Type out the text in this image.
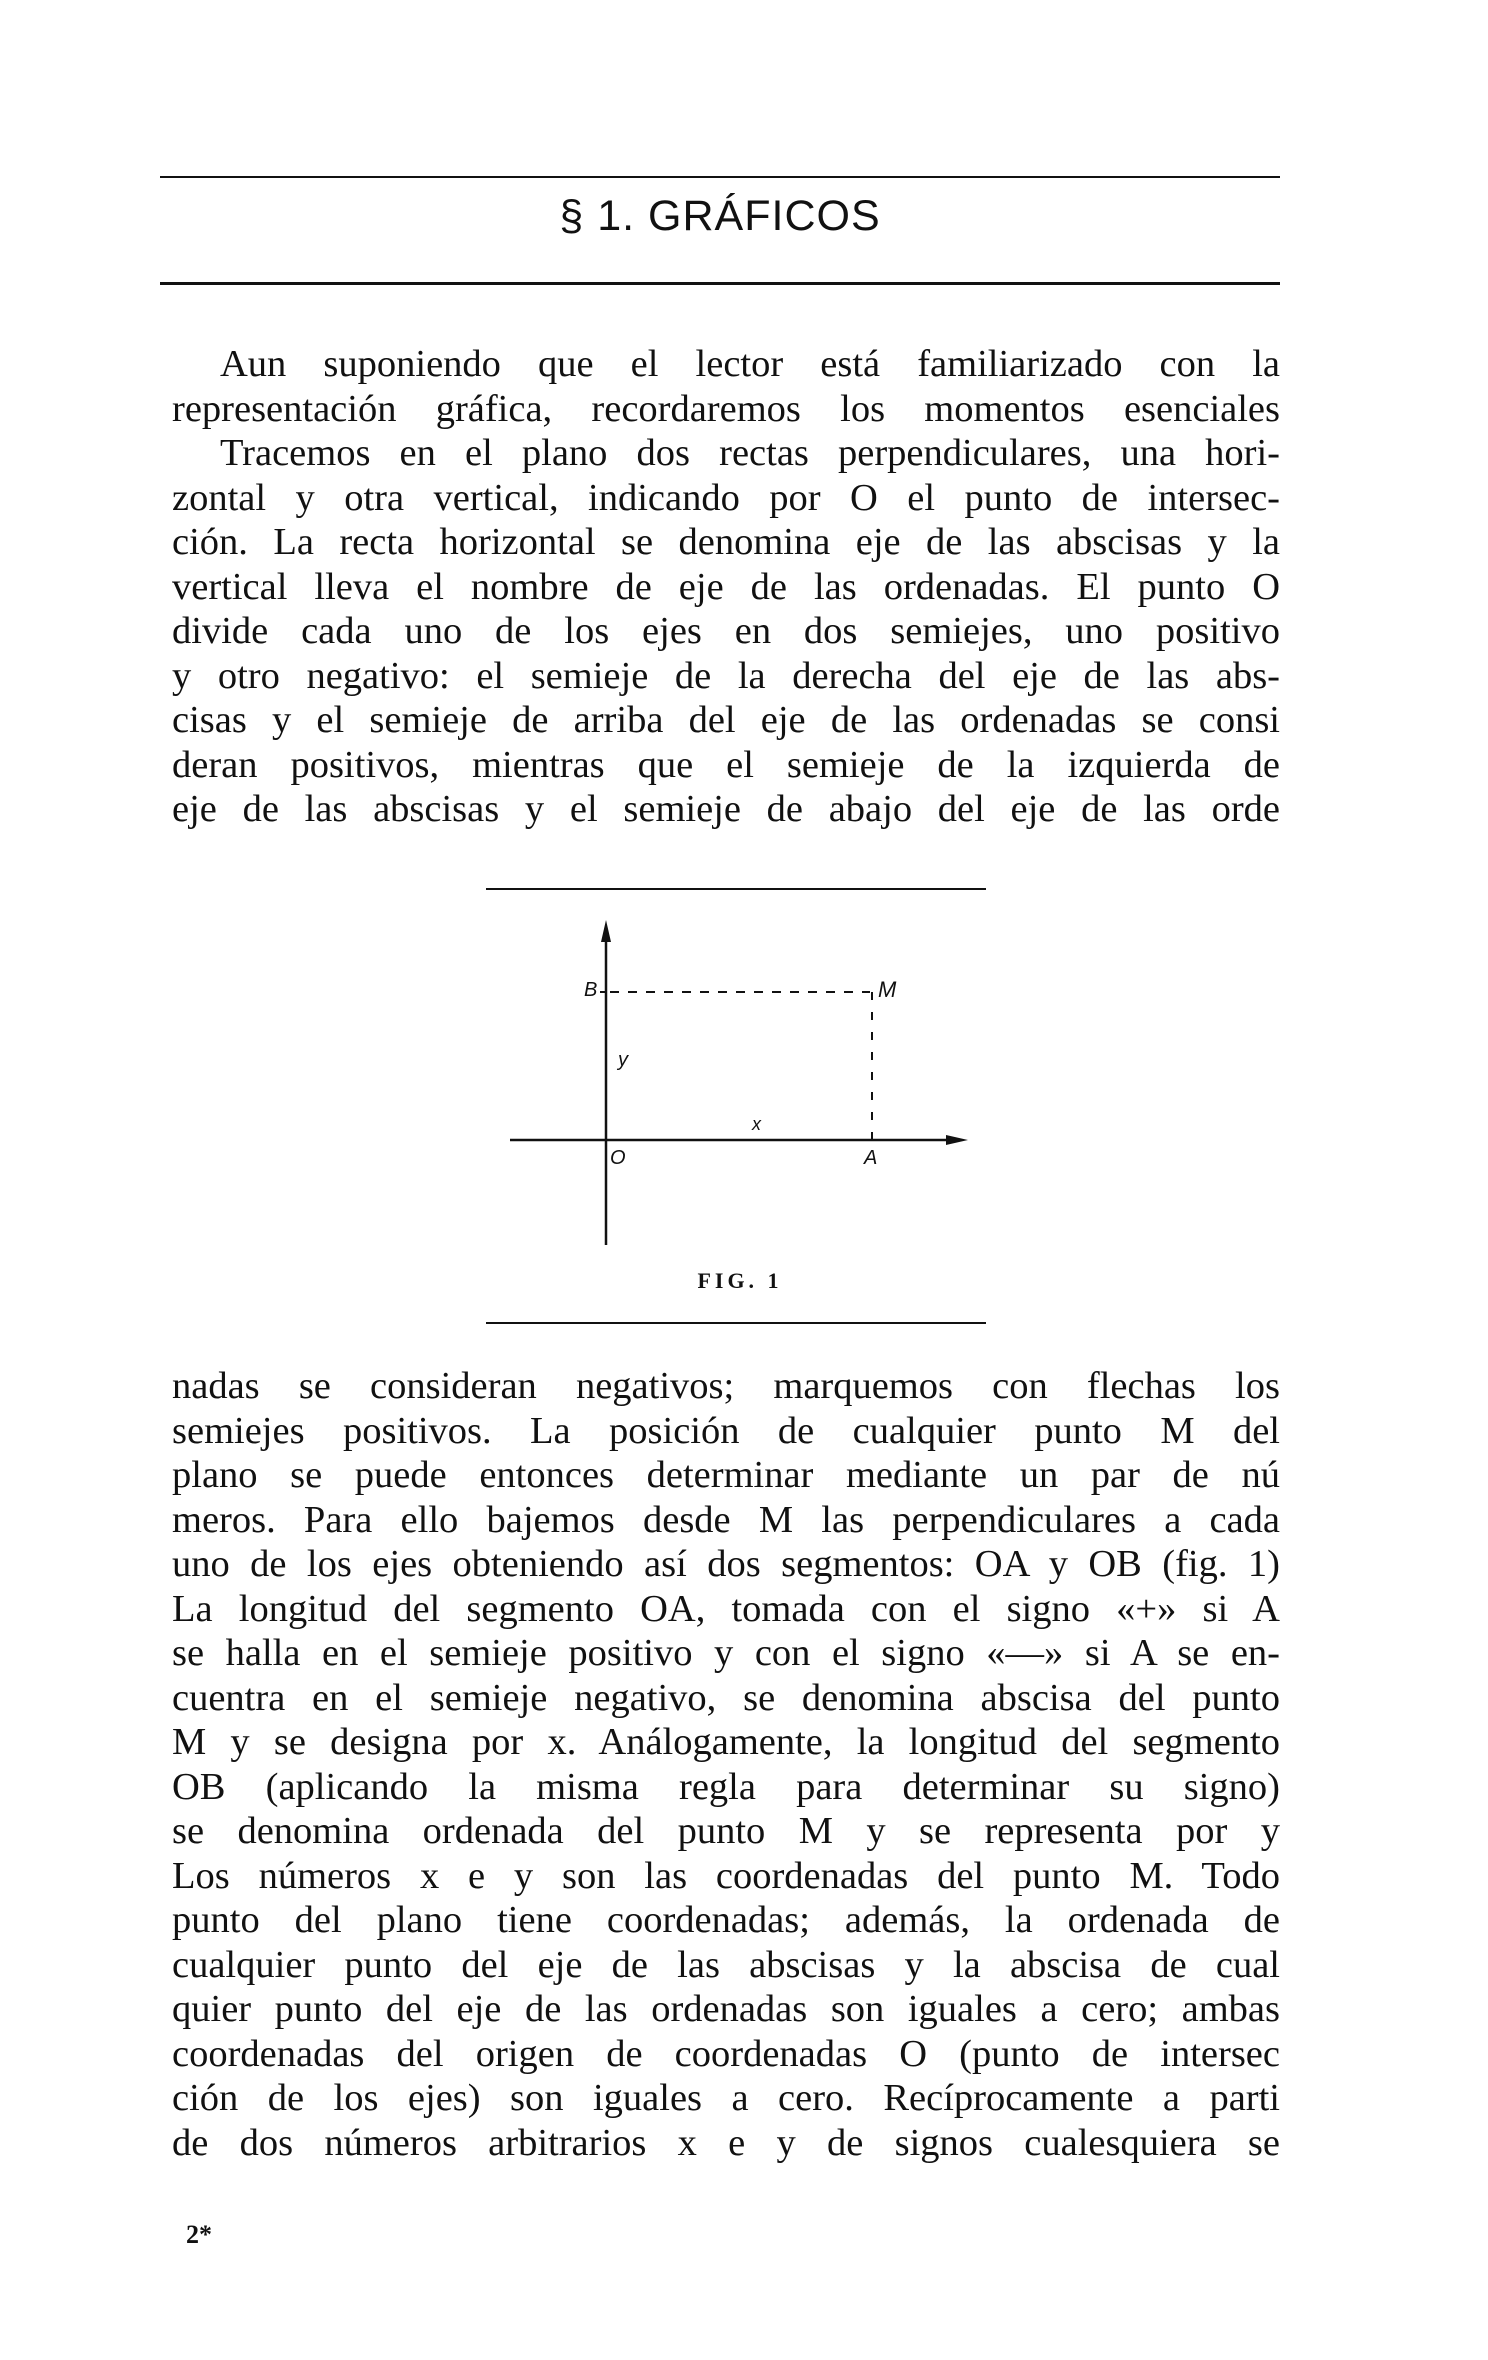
§ 1. GRÁFICOS
Aun suponiendo que el lector está familiarizado con la
representación gráfica, recordaremos los momentos esenciales
Tracemos en el plano dos rectas perpendiculares, una hori-
zontal y otra vertical, indicando por O el punto de intersec-
ción. La recta horizontal se denomina eje de las abscisas y la
vertical lleva el nombre de eje de las ordenadas. El punto O
divide cada uno de los ejes en dos semiejes, uno positivo
y otro negativo: el semieje de la derecha del eje de las abs-
cisas y el semieje de arriba del eje de las ordenadas se consi
deran positivos, mientras que el semieje de la izquierda de
eje de las abscisas y el semieje de abajo del eje de las orde
B	M
y
x
O	A
FIG. 1
nadas se consideran negativos; marquemos con flechas los
semiejes positivos. La posición de cualquier punto M del
plano se puede entonces determinar mediante un par de nú
meros. Para ello bajemos desde M las perpendiculares a cada
uno de los ejes obteniendo así dos segmentos: OA y OB (fig. 1)
La longitud del segmento OA, tomada con el signo «+» si A
se halla en el semieje positivo y con el signo «—» si A se en-
cuentra en el semieje negativo, se denomina abscisa del punto
M y se designa por x. Análogamente, la longitud del segmento
OB (aplicando la misma regla para determinar su signo)
se denomina ordenada del punto M y se representa por y
Los números x e y son las coordenadas del punto M. Todo
punto del plano tiene coordenadas; además, la ordenada de
cualquier punto del eje de las abscisas y la abscisa de cual
quier punto del eje de las ordenadas son iguales a cero; ambas
coordenadas del origen de coordenadas O (punto de intersec
ción de los ejes) son iguales a cero. Recíprocamente a parti
de dos números arbitrarios x e y de signos cualesquiera se
2*
